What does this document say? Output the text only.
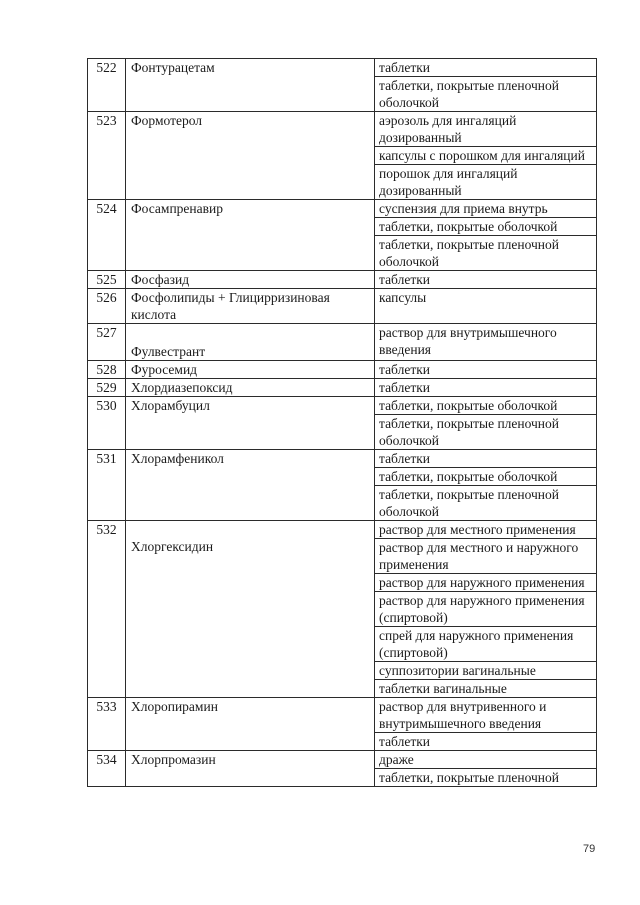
522	Фонтурацетам	таблетки
		таблетки, покрытые пленочной оболочкой
523	Формотерол	аэрозоль для ингаляций дозированный
		капсулы с порошком для ингаляций
		порошок для ингаляций дозированный
524	Фосампренавир	суспензия для приема внутрь
		таблетки, покрытые оболочкой
		таблетки, покрытые пленочной оболочкой
525	Фосфазид	таблетки
526	Фосфолипиды + Глицирризиновая кислота	капсулы
527	Фулвестрант	раствор для внутримышечного введения
528	Фуросемид	таблетки
529	Хлордиазепоксид	таблетки
530	Хлорамбуцил	таблетки, покрытые оболочкой
		таблетки, покрытые пленочной оболочкой
531	Хлорамфеникол	таблетки
		таблетки, покрытые оболочкой
		таблетки, покрытые пленочной оболочкой
532	Хлоргексидин	раствор для местного применения
		раствор для местного и наружного применения
		раствор для наружного применения
		раствор для наружного применения (спиртовой)
		спрей для наружного применения (спиртовой)
		суппозитории вагинальные
		таблетки вагинальные
533	Хлоропирамин	раствор для внутривенного и внутримышечного введения
		таблетки
534	Хлорпромазин	драже
		таблетки, покрытые пленочной
79
